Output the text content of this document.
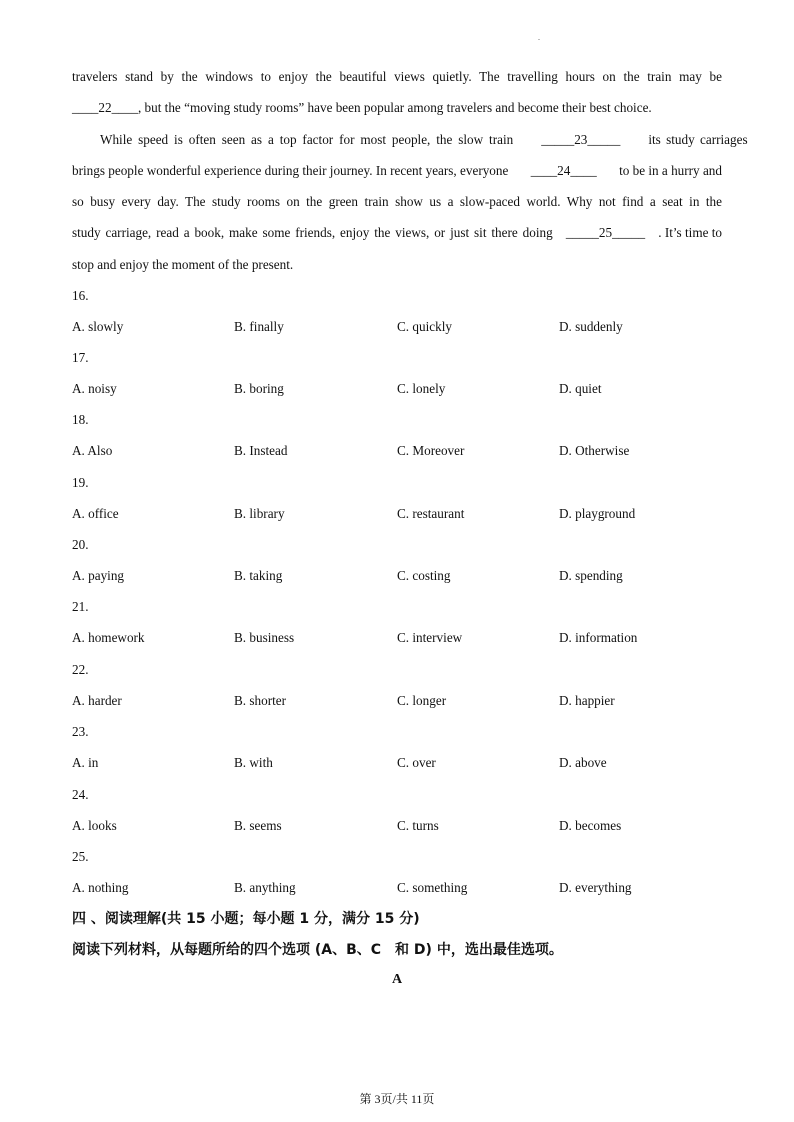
.
travelers stand by the windows to enjoy the beautiful views quietly. The travelling hours on the train may be
____22____, but the “moving study rooms” have been popular among travelers and become their best choice.
While speed is often seen as a top factor for most people, the slow train	_____23_____	its study carriages
brings people wonderful experience during their journey. In recent years, everyone ____24____ to be in a hurry and
so busy every day. The study rooms on the green train show us a slow-paced world. Why not find a seat in the
study carriage, read a book, make some friends, enjoy the views, or just sit there doing _____25_____ . It’s time to
stop and enjoy the moment of the present.
16.
A. slowly	B. finally	C. quickly	D. suddenly
17.
A. noisy	B. boring	C. lonely	D. quiet
18.
A. Also	B. Instead	C. Moreover	D. Otherwise
19.
A. office	B. library	C. restaurant	D. playground
20.
A. paying	B. taking	C. costing	D. spending
21.
A. homework	B. business	C. interview	D. information
22.
A. harder	B. shorter	C. longer	D. happier
23.
A. in	B. with	C. over	D. above
24.
A. looks	B. seems	C. turns	D. becomes
25.
A. nothing	B. anything	C. something	D. everything
四 、阅读理解(共 15 小题；每小题 1 分，满分 15 分)
阅读下列材料，从每题所给的四个选项 (A、B、C　和 D) 中，选出最佳选项。
A
第 3页/共 11页
